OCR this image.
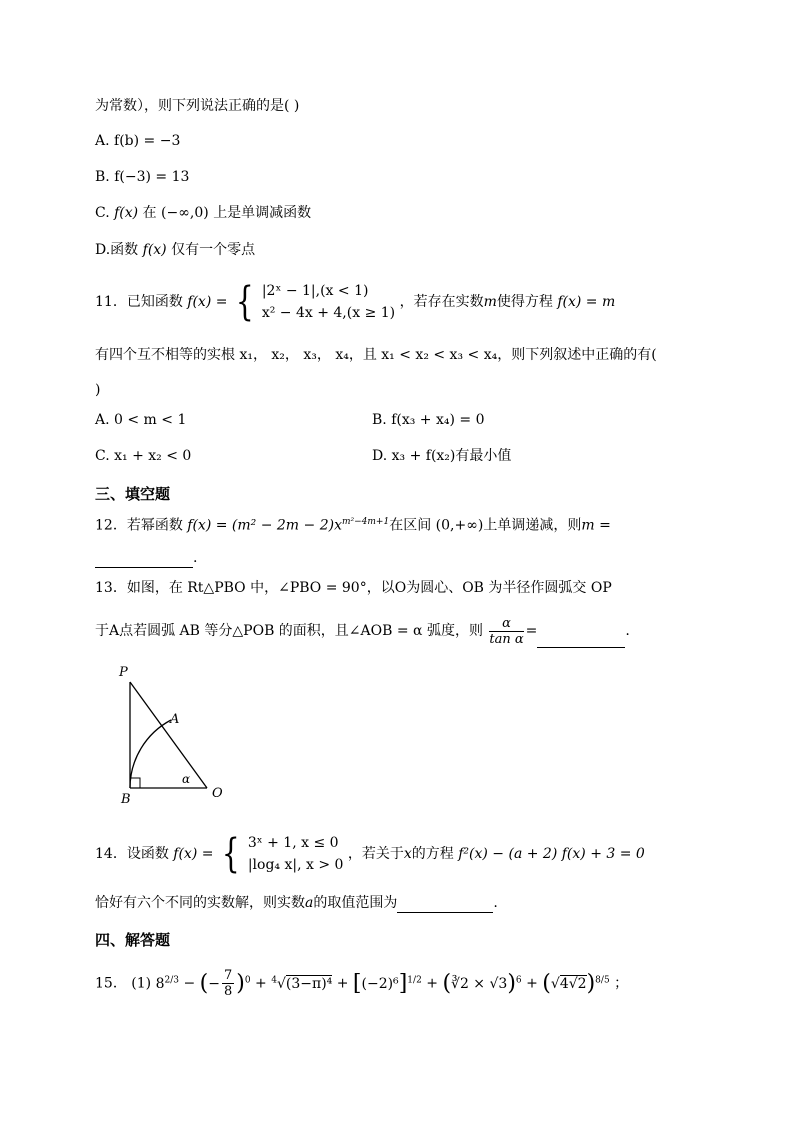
为常数），则下列说法正确的是( )
A. f(b) = −3
B. f(−3) = 13
C. f(x) 在 (−∞,0) 上是单调减函数
D.函数 f(x) 仅有一个零点
11．已知函数 f(x) = { |2ˣ − 1|,(x < 1)
x² − 4x + 4,(x ≥ 1)
，若存在实数m使得方程 f(x) = m
有四个互不相等的实根 x₁， x₂， x₃， x₄，且 x₁ < x₂ < x₃ < x₄，则下列叙述中正确的有(
)
A. 0 < m < 1	B. f(x₃ + x₄) = 0
C. x₁ + x₂ < 0	D. x₃ + f(x₂)有最小值
三、填空题
12．若幂函数 $f(x) = (m^2 - 2m - 2)x^{m^2-4m+1}$在区间 (0,+∞)上单调递减，则m =
.
13．如图，在 Rt△PBO 中，∠PBO = 90°，以O为圆心、OB 为半径作圆弧交 OP
于A点若圆弧 AB 等分△POB 的面积，且∠AOB = α 弧度，则 $\frac{\alpha}{\text{tan α}}$ =	.
P
A
B	O
α
14．设函数 f(x) = { 3ˣ + 1, x ≤ 0
|log₄ x|, x > 0
，若关于x的方程 f²(x) − (a + 2) f(x) + 3 = 0
恰好有六个不同的实数解，则实数a的取值范围为	.
四、解答题
15． (1) $8^{2/3}$ − (− $\frac{7}{8} )^0 + ^4√(3-\pi)^4 + [(-2)^6]^{1/2}$ + (∛2 × $√3)^6 + (√4√2)^{8/5}$ ；
